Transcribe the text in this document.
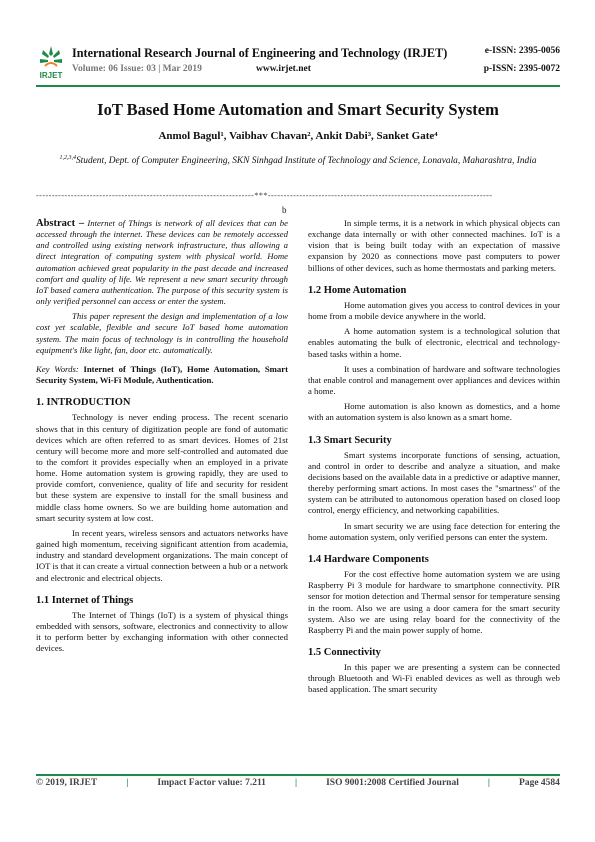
IRJET
International Research Journal of Engineering and Technology (IRJET)
Volume: 06 Issue: 03 | Mar 2019	www.irjet.net
e-ISSN: 2395-0056
p-ISSN: 2395-0072
IoT Based Home Automation and Smart Security System
Anmol Bagul¹, Vaibhav Chavan², Ankit Dabi³, Sanket Gate⁴
$^{1,2,3,4}$Student, Dept. of Computer Engineering, SKN Sinhgad Institute of Technology and Science, Lonavala, Maharashtra, India
---------------------------------------------------------------------***-----------------------------------------------------------------------
b

Abstract – Internet of Things is network of all devices that can be accessed through the internet. These devices can be remotely accessed and controlled using existing network infrastructure, thus allowing a direct integration of computing system with physical world. Home automation achieved great popularity in the past decade and increased comfort and quality of life. We represent a new smart security through IoT based camera authentication. The purpose of this security system is only verified personnel can access or enter the system.

This paper represent the design and implementation of a low cost yet scalable, flexible and secure IoT based home automation system. The main focus of technology is in controlling the household equipment's like light, fan, door etc. automatically.

Key Words: Internet of Things (IoT), Home Automation, Smart Security System, Wi-Fi Module, Authentication.

1. INTRODUCTION

Technology is never ending process. The recent scenario shows that in this century of digitization people are fond of automatic devices which are often referred to as smart devices. Homes of 21st century will become more and more self-controlled and automated due to the comfort it provides especially when an employed in a private home. Home automation system is growing rapidly, they are used to provide comfort, convenience, quality of life and security for resident but these system are expensive to install for the small business and middle class home owners. So we are building home automation and smart security system at low cost.

In recent years, wireless sensors and actuators networks have gained high momentum, receiving significant attention from academia, industry and standard development organizations. The main concept of IOT is that it can create a virtual connection between a hub or a network and electronic and electrical objects.

1.1 Internet of Things

The Internet of Things (IoT) is a system of physical things embedded with sensors, software, electronics and connectivity to allow it to perform better by exchanging information with other connected devices.

In simple terms, it is a network in which physical objects can exchange data internally or with other connected machines. IoT is a vision that is being built today with an expectation of massive expansion by 2020 as connections move past computers to power billions of other devices, such as home thermostats and parking meters.

1.2 Home Automation

Home automation gives you access to control devices in your home from a mobile device anywhere in the world.

A home automation system is a technological solution that enables automating the bulk of electronic, electrical and technology-based tasks within a home.

It uses a combination of hardware and software technologies that enable control and management over appliances and devices within a home.

Home automation is also known as domestics, and a home with an automation system is also known as a smart home.

1.3 Smart Security

Smart systems incorporate functions of sensing, actuation, and control in order to describe and analyze a situation, and make decisions based on the available data in a predictive or adaptive manner, thereby performing smart actions. In most cases the "smartness" of the system can be attributed to autonomous operation based on closed loop control, energy efficiency, and networking capabilities.

In smart security we are using face detection for entering the home automation system, only verified persons can enter the system.

1.4 Hardware Components

For the cost effective home automation system we are using Raspberry Pi 3 module for hardware to smartphone connectivity. PIR sensor for motion detection and Thermal sensor for temperature sensing in the room. Also we are using a door camera for the smart security system. Also we are using relay board for the connectivity of the Raspberry Pi and the main power supply of home.

1.5 Connectivity

In this paper we are presenting a system can be connected through Bluetooth and Wi-Fi enabled devices as well as through web based application. The smart security

© 2019, IRJET	|	Impact Factor value: 7.211	|	ISO 9001:2008 Certified Journal	|	Page 4584
